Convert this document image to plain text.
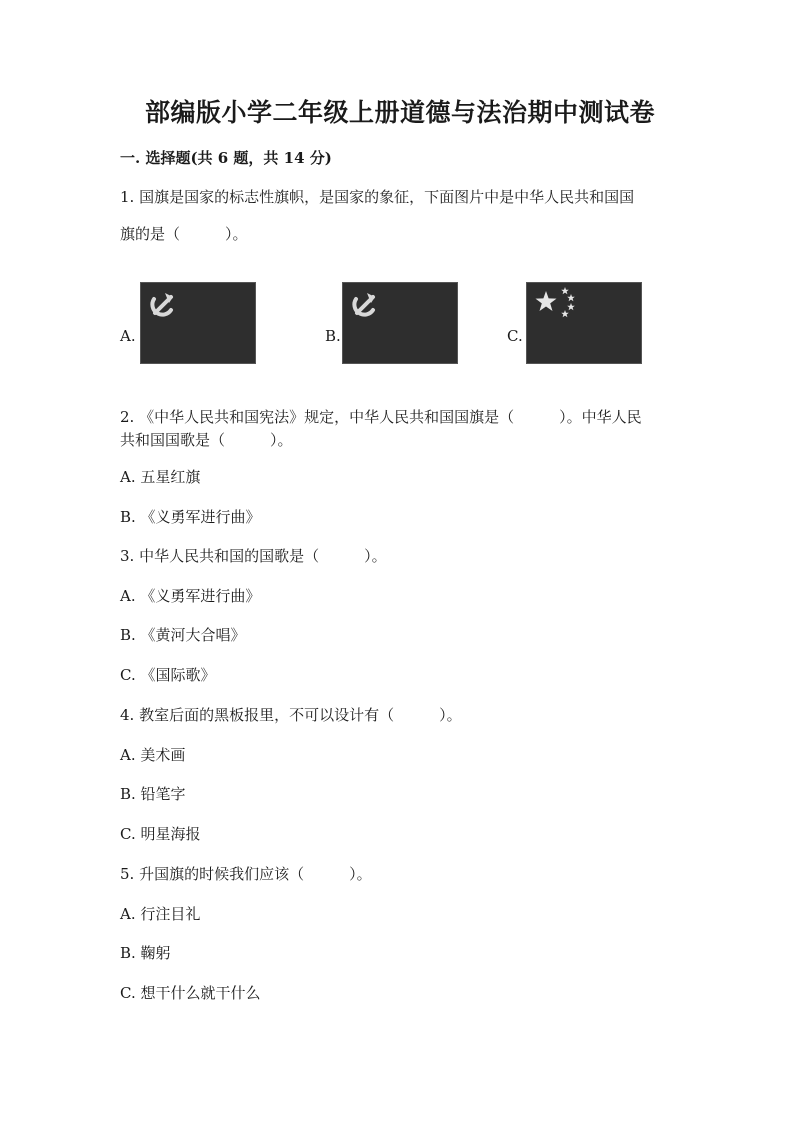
部编版小学二年级上册道德与法治期中测试卷
一. 选择题(共 6 题，共 14 分)
1. 国旗是国家的标志性旗帜，是国家的象征，下面图片中是中华人民共和国国
旗的是（　　　）。
A.	B.	C.
2. 《中华人民共和国宪法》规定，中华人民共和国国旗是（　　　）。中华人民
共和国国歌是（　　　）。
A. 五星红旗
B. 《义勇军进行曲》
3. 中华人民共和国的国歌是（　　　）。
A. 《义勇军进行曲》
B. 《黄河大合唱》
C. 《国际歌》
4. 教室后面的黑板报里，不可以设计有（　　　）。
A. 美术画
B. 铅笔字
C. 明星海报
5. 升国旗的时候我们应该（　　　）。
A. 行注目礼
B. 鞠躬
C. 想干什么就干什么
